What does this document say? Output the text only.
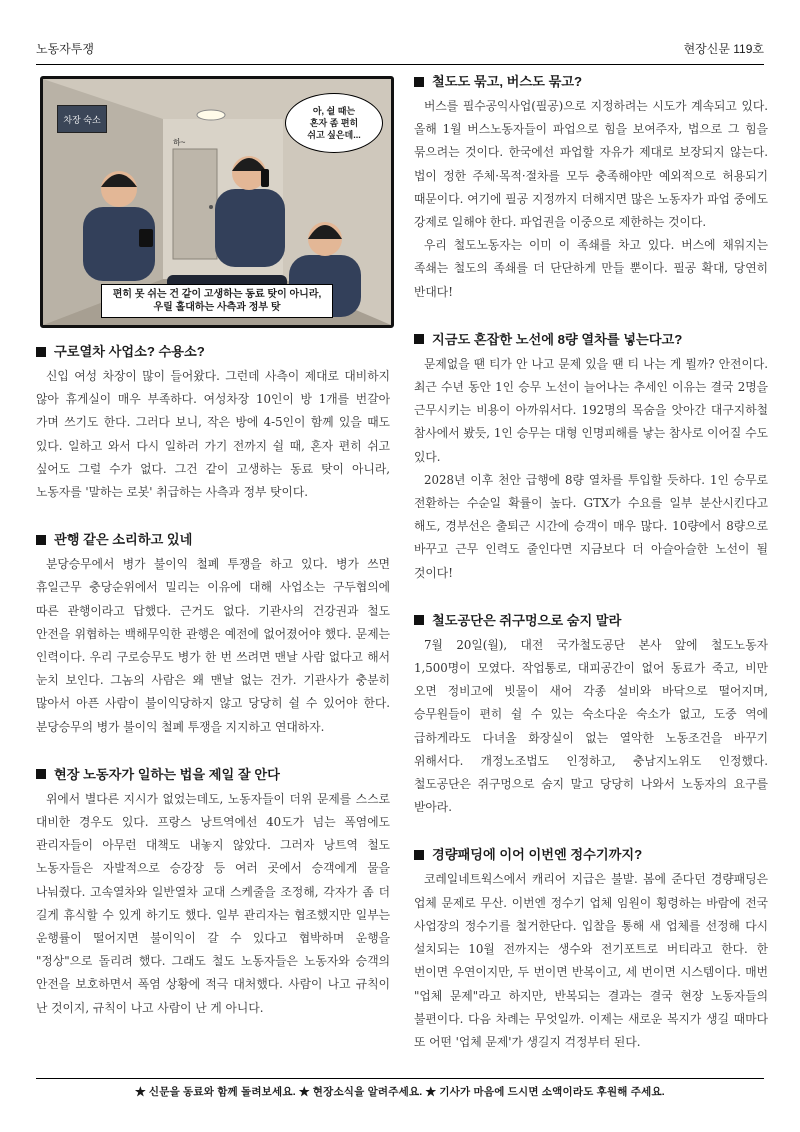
노동자투쟁	현장신문 119호
차장 숙소
하~
아, 쉴 때는
혼자 좀 편히
쉬고 싶은데...
편히 못 쉬는 건 같이 고생하는 동료 탓이 아니라,
우릴 홀대하는 사측과 정부 탓
구로열차 사업소? 수용소?

신입 여성 차장이 많이 들어왔다. 그런데 사측이 제대로 대비하지 않아 휴게실이 매우 부족하다. 여성차장 10인이 방 1개를 번갈아 가며 쓰기도 한다. 그러다 보니, 작은 방에 4-5인이 함께 있을 때도 있다. 일하고 와서 다시 일하러 가기 전까지 쉴 때, 혼자 편히 쉬고 싶어도 그럴 수가 없다. 그건 같이 고생하는 동료 탓이 아니라, 노동자를 '말하는 로봇' 취급하는 사측과 정부 탓이다.

관행 같은 소리하고 있네

분당승무에서 병가 불이익 철폐 투쟁을 하고 있다. 병가 쓰면 휴일근무 충당순위에서 밀리는 이유에 대해 사업소는 구두협의에 따른 관행이라고 답했다. 근거도 없다. 기관사의 건강권과 철도 안전을 위협하는 백해무익한 관행은 예전에 없어졌어야 했다. 문제는 인력이다. 우리 구로승무도 병가 한 번 쓰려면 맨날 사람 없다고 해서 눈치 보인다. 그놈의 사람은 왜 맨날 없는 건가. 기관사가 충분히 많아서 아픈 사람이 불이익당하지 않고 당당히 쉴 수 있어야 한다. 분당승무의 병가 불이익 철폐 투쟁을 지지하고 연대하자.

현장 노동자가 일하는 법을 제일 잘 안다

위에서 별다른 지시가 없었는데도, 노동자들이 더위 문제를 스스로 대비한 경우도 있다. 프랑스 낭트역에선 40도가 넘는 폭염에도 관리자들이 아무런 대책도 내놓지 않았다. 그러자 낭트역 철도 노동자들은 자발적으로 승강장 등 여러 곳에서 승객에게 물을 나눠줬다. 고속열차와 일반열차 교대 스케줄을 조정해, 각자가 좀 더 길게 휴식할 수 있게 하기도 했다. 일부 관리자는 협조했지만 일부는 운행률이 떨어지면 불이익이 갈 수 있다고 협박하며 운행을 "정상"으로 돌리려 했다. 그래도 철도 노동자들은 노동자와 승객의 안전을 보호하면서 폭염 상황에 적극 대처했다. 사람이 나고 규칙이 난 것이지, 규칙이 나고 사람이 난 게 아니다.

철도도 묶고, 버스도 묶고?

버스를 필수공익사업(필공)으로 지정하려는 시도가 계속되고 있다. 올해 1월 버스노동자들이 파업으로 힘을 보여주자, 법으로 그 힘을 묶으려는 것이다. 한국에선 파업할 자유가 제대로 보장되지 않는다. 법이 정한 주체·목적·절차를 모두 충족해야만 예외적으로 허용되기 때문이다. 여기에 필공 지정까지 더해지면 많은 노동자가 파업 중에도 강제로 일해야 한다. 파업권을 이중으로 제한하는 것이다.

우리 철도노동자는 이미 이 족쇄를 차고 있다. 버스에 채워지는 족쇄는 철도의 족쇄를 더 단단하게 만들 뿐이다. 필공 확대, 당연히 반대다!

지금도 혼잡한 노선에 8량 열차를 넣는다고?

문제없을 땐 티가 안 나고 문제 있을 땐 티 나는 게 뭘까? 안전이다. 최근 수년 동안 1인 승무 노선이 늘어나는 추세인 이유는 결국 2명을 근무시키는 비용이 아까워서다. 192명의 목숨을 앗아간 대구지하철 참사에서 봤듯, 1인 승무는 대형 인명피해를 낳는 참사로 이어질 수도 있다.

2028년 이후 천안 급행에 8량 열차를 투입할 듯하다. 1인 승무로 전환하는 수순일 확률이 높다. GTX가 수요를 일부 분산시킨다고 해도, 경부선은 출퇴근 시간에 승객이 매우 많다. 10량에서 8량으로 바꾸고 근무 인력도 줄인다면 지금보다 더 아슬아슬한 노선이 될 것이다!

철도공단은 쥐구멍으로 숨지 말라

7월 20일(월), 대전 국가철도공단 본사 앞에 철도노동자 1,500명이 모였다. 작업통로, 대피공간이 없어 동료가 죽고, 비만 오면 정비고에 빗물이 새어 각종 설비와 바닥으로 떨어지며, 승무원들이 편히 쉴 수 있는 숙소다운 숙소가 없고, 도중 역에 급하게라도 다녀올 화장실이 없는 열악한 노동조건을 바꾸기 위해서다. 개정노조법도 인정하고, 충남지노위도 인정했다. 철도공단은 쥐구멍으로 숨지 말고 당당히 나와서 노동자의 요구를 받아라.

경량패딩에 이어 이번엔 정수기까지?

코레일네트웍스에서 캐리어 지급은 불발. 봄에 준다던 경량패딩은 업체 문제로 무산. 이번엔 정수기 업체 임원이 횡령하는 바람에 전국 사업장의 정수기를 철거한단다. 입찰을 통해 새 업체를 선정해 다시 설치되는 10월 전까지는 생수와 전기포트로 버티라고 한다. 한 번이면 우연이지만, 두 번이면 반복이고, 세 번이면 시스템이다. 매번 "업체 문제"라고 하지만, 반복되는 결과는 결국 현장 노동자들의 불편이다. 다음 차례는 무엇일까. 이제는 새로운 복지가 생길 때마다 또 어떤 '업체 문제'가 생길지 걱정부터 된다.

★ 신문을 동료와 함께 돌려보세요. ★ 현장소식을 알려주세요. ★ 기사가 마음에 드시면 소액이라도 후원해 주세요.
